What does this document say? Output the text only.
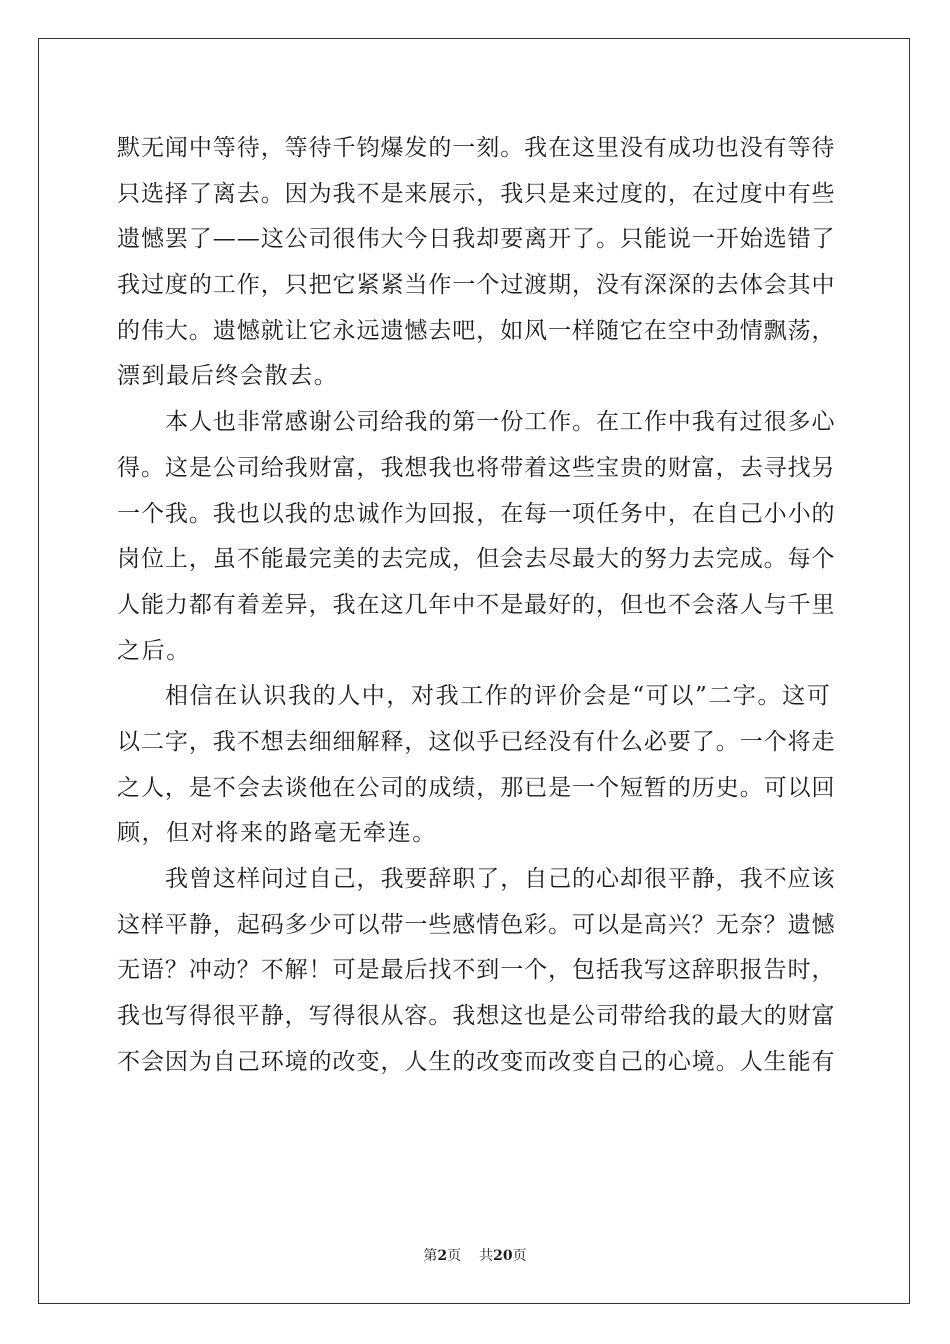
默无闻中等待，等待千钧爆发的一刻。我在这里没有成功也没有等待
只选择了离去。因为我不是来展示，我只是来过度的，在过度中有些
遗憾罢了——这公司很伟大今日我却要离开了。只能说一开始选错了
我过度的工作，只把它紧紧当作一个过渡期，没有深深的去体会其中
的伟大。遗憾就让它永远遗憾去吧，如风一样随它在空中劲情飘荡，
漂到最后终会散去。
本人也非常感谢公司给我的第一份工作。在工作中我有过很多心
得。这是公司给我财富，我想我也将带着这些宝贵的财富，去寻找另
一个我。我也以我的忠诚作为回报，在每一项任务中，在自己小小的
岗位上，虽不能最完美的去完成，但会去尽最大的努力去完成。每个
人能力都有着差异，我在这几年中不是最好的，但也不会落人与千里
之后。
相信在认识我的人中，对我工作的评价会是“可以”二字。这可
以二字，我不想去细细解释，这似乎已经没有什么必要了。一个将走
之人，是不会去谈他在公司的成绩，那已是一个短暂的历史。可以回
顾，但对将来的路毫无牵连。
我曾这样问过自己，我要辞职了，自己的心却很平静，我不应该
这样平静，起码多少可以带一些感情色彩。可以是高兴？无奈？遗憾
无语？冲动？不解！可是最后找不到一个，包括我写这辞职报告时，
我也写得很平静，写得很从容。我想这也是公司带给我的最大的财富
不会因为自己环境的改变，人生的改变而改变自己的心境。人生能有
第2页 共20页
